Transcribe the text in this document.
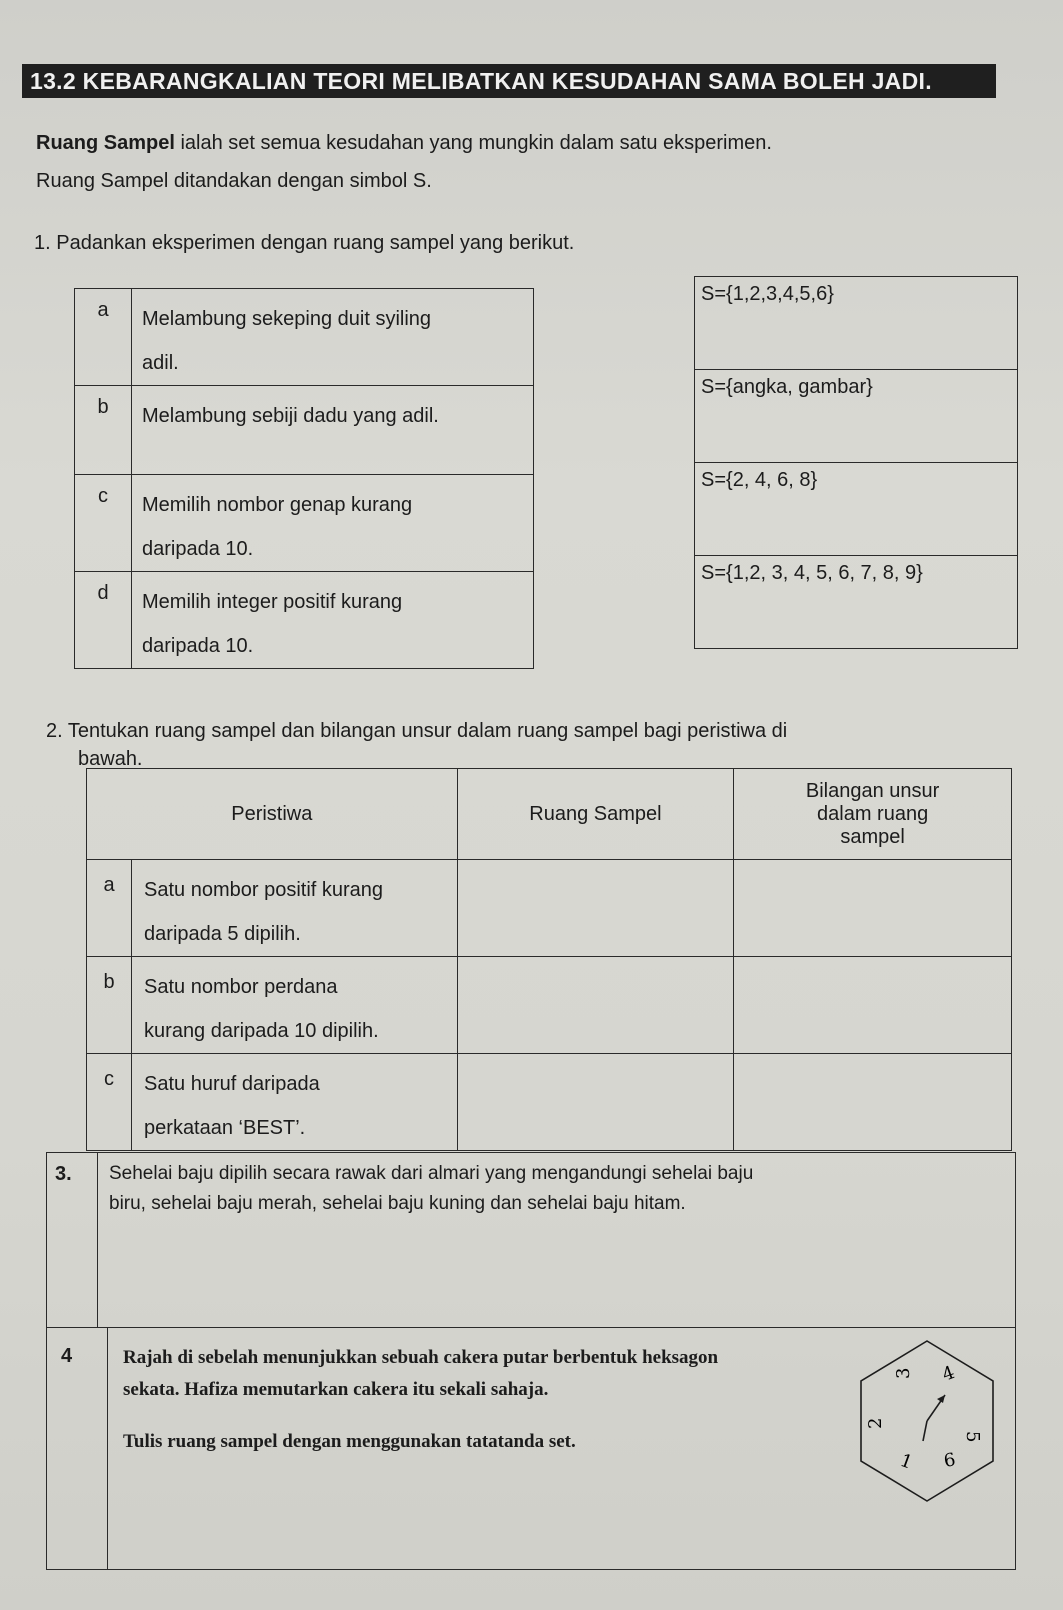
13.2 KEBARANGKALIAN TEORI MELIBATKAN KESUDAHAN SAMA BOLEH JADI.
Ruang Sampel ialah set semua kesudahan yang mungkin dalam satu eksperimen.
Ruang Sampel ditandakan dengan simbol S.
1. Padankan eksperimen dengan ruang sampel yang berikut.
a	Melambung sekeping duit syiling
adil.

b	Melambung sebiji dadu yang adil.

c	Memilih nombor genap kurang
daripada 10.

d	Memilih integer positif kurang
daripada 10.
S={1,2,3,4,5,6}
S={angka, gambar}
S={2, 4, 6, 8}
S={1,2, 3, 4, 5, 6, 7, 8, 9}
2. Tentukan ruang sampel dan bilangan unsur dalam ruang sampel bagi peristiwa di
bawah.
Peristiwa		Ruang Sampel	Bilangan unsur
dalam ruang
sampel

a	Satu nombor positif kurang
daripada 5 dipilih.		

b	Satu nombor perdana
kurang daripada 10 dipilih.		

c	Satu huruf daripada
perkataan ‘BEST’.		

3. Sehelai baju dipilih secara rawak dari almari yang mengandungi sehelai baju
biru, sehelai baju merah, sehelai baju kuning dan sehelai baju hitam.
4	Rajah di sebelah menunjukkan sebuah cakera putar berbentuk heksagon
sekata. Hafiza memutarkan cakera itu sekali sahaja.
Tulis ruang sampel dengan menggunakan tatatanda set.
3 4
2
5
1 6
